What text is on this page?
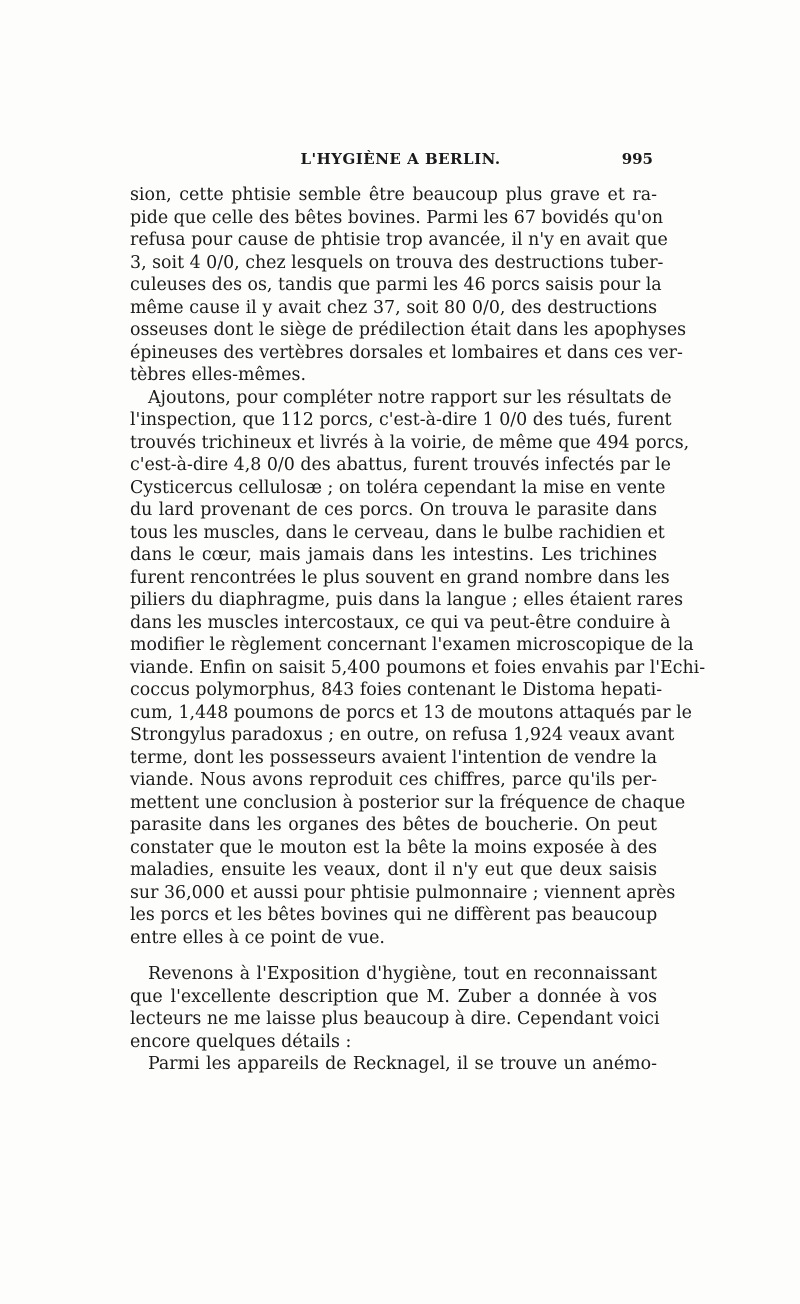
L'HYGIÈNE A BERLIN.	995
sion, cette phtisie semble être beaucoup plus grave et ra-
pide que celle des bêtes bovines. Parmi les 67 bovidés qu'on
refusa pour cause de phtisie trop avancée, il n'y en avait que
3, soit 4 0/0, chez lesquels on trouva des destructions tuber-
culeuses des os, tandis que parmi les 46 porcs saisis pour la
même cause il y avait chez 37, soit 80 0/0, des destructions
osseuses dont le siège de prédilection était dans les apophyses
épineuses des vertèbres dorsales et lombaires et dans ces ver-
tèbres elles-mêmes.
Ajoutons, pour compléter notre rapport sur les résultats de
l'inspection, que 112 porcs, c'est-à-dire 1 0/0 des tués, furent
trouvés trichineux et livrés à la voirie, de même que 494 porcs,
c'est-à-dire 4,8 0/0 des abattus, furent trouvés infectés par le
Cysticercus cellulosæ ; on toléra cependant la mise en vente
du lard provenant de ces porcs. On trouva le parasite dans
tous les muscles, dans le cerveau, dans le bulbe rachidien et
dans le cœur, mais jamais dans les intestins. Les trichines
furent rencontrées le plus souvent en grand nombre dans les
piliers du diaphragme, puis dans la langue ; elles étaient rares
dans les muscles intercostaux, ce qui va peut-être conduire à
modifier le règlement concernant l'examen microscopique de la
viande. Enfin on saisit 5,400 poumons et foies envahis par l'Echi-
coccus polymorphus, 843 foies contenant le Distoma hepati-
cum, 1,448 poumons de porcs et 13 de moutons attaqués par le
Strongylus paradoxus ; en outre, on refusa 1,924 veaux avant
terme, dont les possesseurs avaient l'intention de vendre la
viande. Nous avons reproduit ces chiffres, parce qu'ils per-
mettent une conclusion à posterior sur la fréquence de chaque
parasite dans les organes des bêtes de boucherie. On peut
constater que le mouton est la bête la moins exposée à des
maladies, ensuite les veaux, dont il n'y eut que deux saisis
sur 36,000 et aussi pour phtisie pulmonnaire ; viennent après
les porcs et les bêtes bovines qui ne diffèrent pas beaucoup
entre elles à ce point de vue.
Revenons à l'Exposition d'hygiène, tout en reconnaissant
que l'excellente description que M. Zuber a donnée à vos
lecteurs ne me laisse plus beaucoup à dire. Cependant voici
encore quelques détails :
Parmi les appareils de Recknagel, il se trouve un anémo-
